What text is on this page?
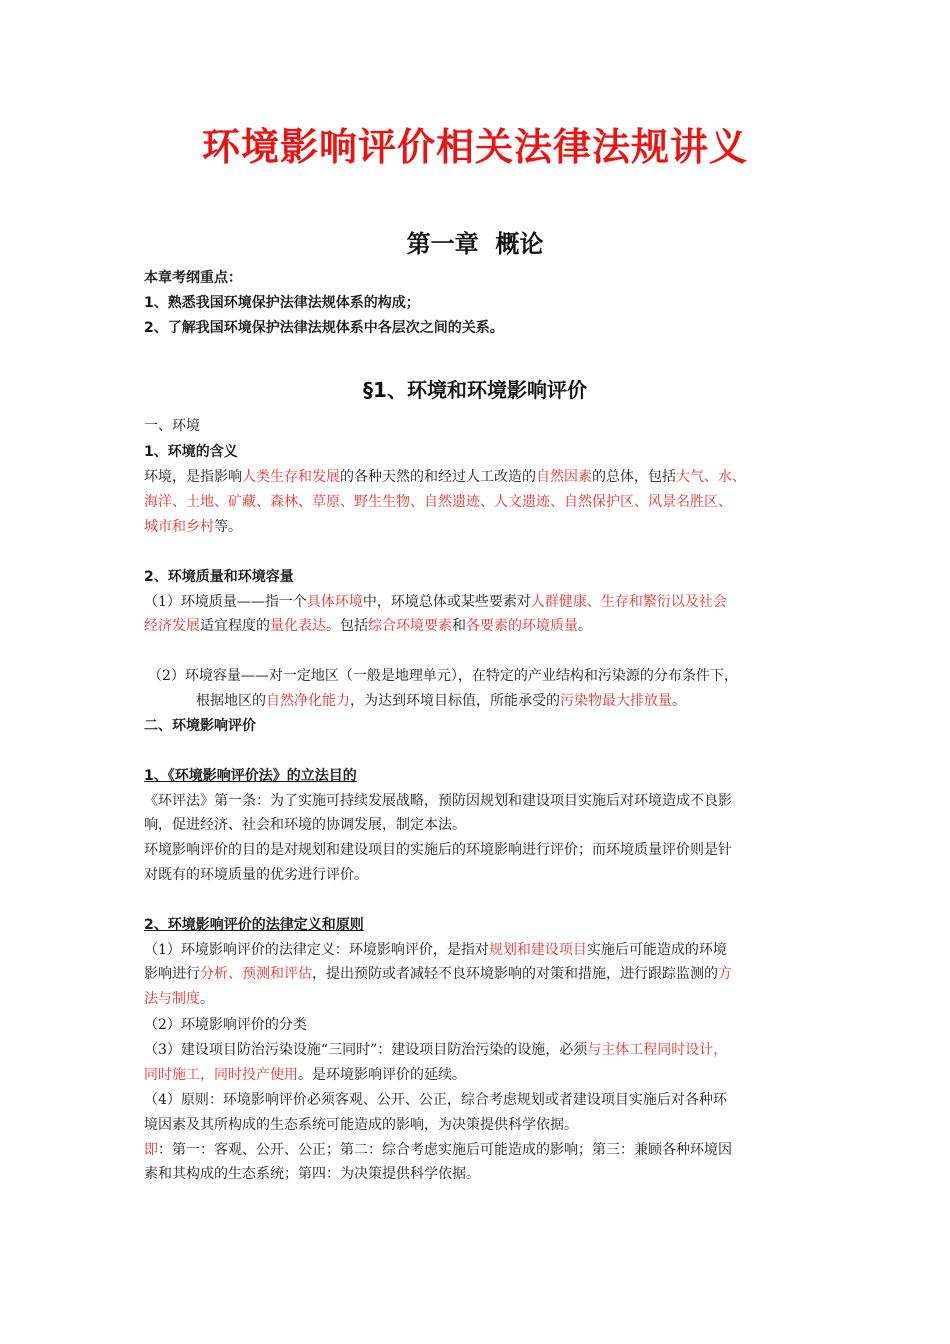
环境影响评价相关法律法规讲义
第一章  概论

本章考纲重点：

1、熟悉我国环境保护法律法规体系的构成；

2、了解我国环境保护法律法规体系中各层次之间的关系。

§1、环境和环境影响评价

一、环境

1、环境的含义

环境，是指影响人类生存和发展的各种天然的和经过人工改造的自然因素的总体，包括大气、水、

海洋、土地、矿藏、森林、草原、野生生物、自然遗迹、人文遗迹、自然保护区、风景名胜区、

城市和乡村等。

2、环境质量和环境容量

（1）环境质量——指一个具体环境中，环境总体或某些要素对人群健康、生存和繁衍以及社会

经济发展适宜程度的量化表达。包括综合环境要素和各要素的环境质量。

（2）环境容量——对一定地区（一般是地理单元），在特定的产业结构和污染源的分布条件下，

根据地区的自然净化能力，为达到环境目标值，所能承受的污染物最大排放量。

二、环境影响评价

1、《环境影响评价法》的立法目的

《环评法》第一条：为了实施可持续发展战略，预防因规划和建设项目实施后对环境造成不良影

响，促进经济、社会和环境的协调发展，制定本法。

环境影响评价的目的是对规划和建设项目的实施后的环境影响进行评价；而环境质量评价则是针

对既有的环境质量的优劣进行评价。

2、环境影响评价的法律定义和原则

（1）环境影响评价的法律定义：环境影响评价，是指对规划和建设项目实施后可能造成的环境

影响进行分析、预测和评估，提出预防或者减轻不良环境影响的对策和措施，进行跟踪监测的方

法与制度。

（2）环境影响评价的分类

（3）建设项目防治污染设施“三同时”：建设项目防治污染的设施，必须与主体工程同时设计，

同时施工，同时投产使用。是环境影响评价的延续。

（4）原则：环境影响评价必须客观、公开、公正，综合考虑规划或者建设项目实施后对各种环

境因素及其所构成的生态系统可能造成的影响，为决策提供科学依据。

即：第一：客观、公开、公正；第二：综合考虑实施后可能造成的影响；第三：兼顾各种环境因

素和其构成的生态系统；第四：为决策提供科学依据。
